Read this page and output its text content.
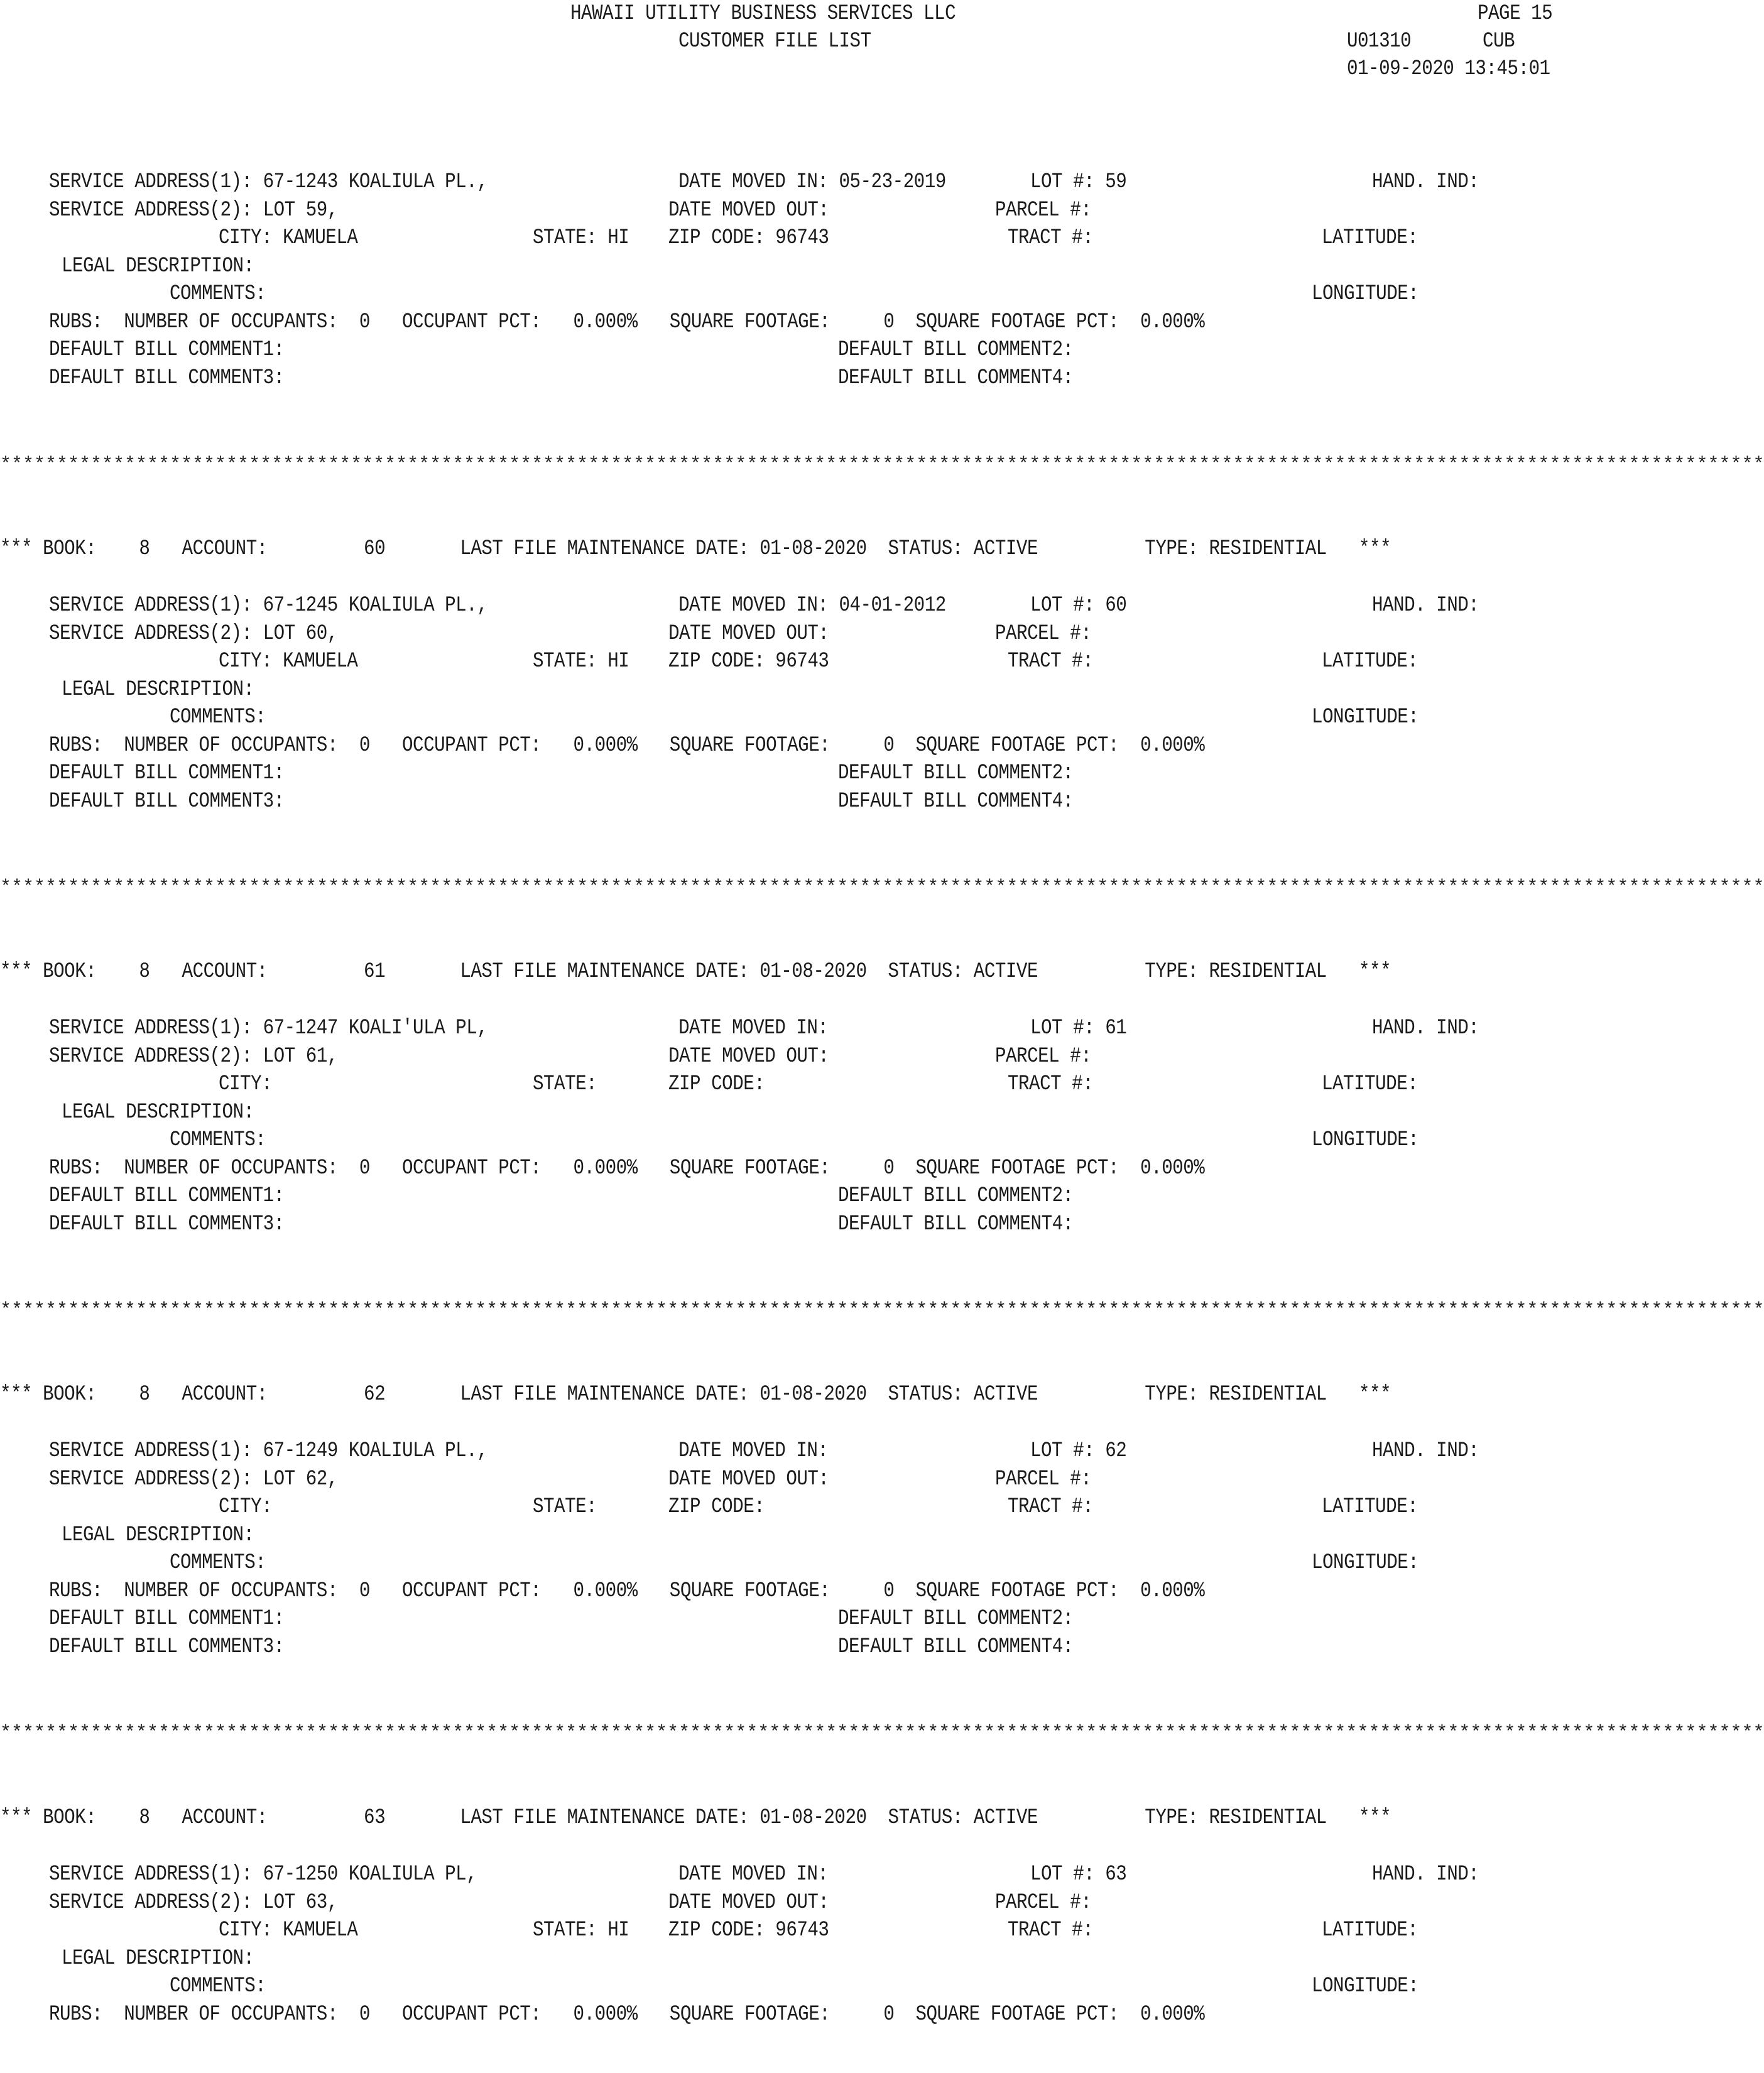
HAWAII UTILITY BUSINESS SERVICES LLC
CUSTOMER FILE LIST
PAGE 15
U01310	CUB
01-09-2020 13:45:01
SERVICE ADDRESS(1): 67-1243 KOALIULA PL.,	DATE MOVED IN: 05-23-2019	LOT #: 59	HAND. IND:
SERVICE ADDRESS(2): LOT 59,	DATE MOVED OUT:	PARCEL #:
CITY: KAMUELA	STATE: HI ZIP CODE: 96743	TRACT #:	LATITUDE:
LEGAL DESCRIPTION:
COMMENTS:	LONGITUDE:
RUBS:  NUMBER OF OCCUPANTS:  0   OCCUPANT PCT:   0.000%   SQUARE FOOTAGE:     0  SQUARE FOOTAGE PCT:  0.000%
DEFAULT BILL COMMENT1:	DEFAULT BILL COMMENT2:
DEFAULT BILL COMMENT3:	DEFAULT BILL COMMENT4:
*** BOOK:    8   ACCOUNT:         60       LAST FILE MAINTENANCE DATE: 01-08-2020  STATUS: ACTIVE          TYPE: RESIDENTIAL   ***
SERVICE ADDRESS(1): 67-1245 KOALIULA PL.,	DATE MOVED IN: 04-01-2012	LOT #: 60	HAND. IND:
SERVICE ADDRESS(2): LOT 60,	DATE MOVED OUT:	PARCEL #:
CITY: KAMUELA	STATE: HI ZIP CODE: 96743	TRACT #:	LATITUDE:
LEGAL DESCRIPTION:
COMMENTS:	LONGITUDE:
RUBS:  NUMBER OF OCCUPANTS:  0   OCCUPANT PCT:   0.000%   SQUARE FOOTAGE:     0  SQUARE FOOTAGE PCT:  0.000%
DEFAULT BILL COMMENT1:	DEFAULT BILL COMMENT2:
DEFAULT BILL COMMENT3:	DEFAULT BILL COMMENT4:
*** BOOK:    8   ACCOUNT:         61       LAST FILE MAINTENANCE DATE: 01-08-2020  STATUS: ACTIVE          TYPE: RESIDENTIAL   ***
SERVICE ADDRESS(1): 67-1247 KOALI'ULA PL,	DATE MOVED IN:	LOT #: 61	HAND. IND:
SERVICE ADDRESS(2): LOT 61,	DATE MOVED OUT:	PARCEL #:
CITY:	STATE:	ZIP CODE:	TRACT #:	LATITUDE:
LEGAL DESCRIPTION:
COMMENTS:	LONGITUDE:
RUBS:  NUMBER OF OCCUPANTS:  0   OCCUPANT PCT:   0.000%   SQUARE FOOTAGE:     0  SQUARE FOOTAGE PCT:  0.000%
DEFAULT BILL COMMENT1:	DEFAULT BILL COMMENT2:
DEFAULT BILL COMMENT3:	DEFAULT BILL COMMENT4:
*** BOOK:    8   ACCOUNT:         62       LAST FILE MAINTENANCE DATE: 01-08-2020  STATUS: ACTIVE          TYPE: RESIDENTIAL   ***
SERVICE ADDRESS(1): 67-1249 KOALIULA PL.,	DATE MOVED IN:	LOT #: 62	HAND. IND:
SERVICE ADDRESS(2): LOT 62,	DATE MOVED OUT:	PARCEL #:
CITY:	STATE:	ZIP CODE:	TRACT #:	LATITUDE:
LEGAL DESCRIPTION:
COMMENTS:	LONGITUDE:
RUBS:  NUMBER OF OCCUPANTS:  0   OCCUPANT PCT:   0.000%   SQUARE FOOTAGE:     0  SQUARE FOOTAGE PCT:  0.000%
DEFAULT BILL COMMENT1:	DEFAULT BILL COMMENT2:
DEFAULT BILL COMMENT3:	DEFAULT BILL COMMENT4:
*** BOOK:    8   ACCOUNT:         63       LAST FILE MAINTENANCE DATE: 01-08-2020  STATUS: ACTIVE          TYPE: RESIDENTIAL   ***
SERVICE ADDRESS(1): 67-1250 KOALIULA PL,	DATE MOVED IN:	LOT #: 63	HAND. IND:
SERVICE ADDRESS(2): LOT 63,	DATE MOVED OUT:	PARCEL #:
CITY: KAMUELA	STATE: HI ZIP CODE: 96743	TRACT #:	LATITUDE:
LEGAL DESCRIPTION:
COMMENTS:	LONGITUDE:
RUBS:  NUMBER OF OCCUPANTS:  0   OCCUPANT PCT:   0.000%   SQUARE FOOTAGE:     0  SQUARE FOOTAGE PCT:  0.000%
************************************************************************************************************************************************************
************************************************************************************************************************************************************
************************************************************************************************************************************************************
************************************************************************************************************************************************************
